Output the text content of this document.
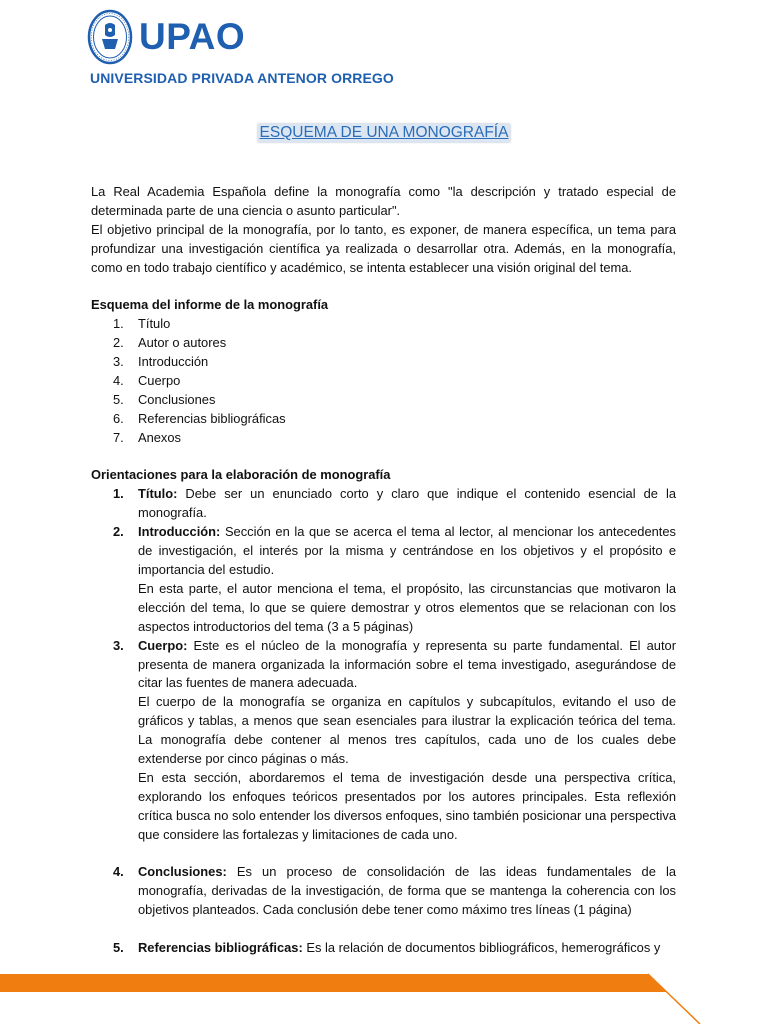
UPAO
UNIVERSIDAD PRIVADA ANTENOR ORREGO
ESQUEMA DE UNA MONOGRAFÍA

La Real Academia Española define la monografía como "la descripción y tratado especial de determinada parte de una ciencia o asunto particular".

El objetivo principal de la monografía, por lo tanto, es exponer, de manera específica, un tema para profundizar una investigación científica ya realizada o desarrollar otra. Además, en la monografía, como en todo trabajo científico y académico, se intenta establecer una visión original del tema.

Esquema del informe de la monografía

1. Título
2. Autor o autores
3. Introducción
4. Cuerpo
5. Conclusiones
6. Referencias bibliográficas
7. Anexos

Orientaciones para la elaboración de monografía

1. Título: Debe ser un enunciado corto y claro que indique el contenido esencial de la monografía.

2. Introducción: Sección en la que se acerca el tema al lector, al mencionar los antecedentes de investigación, el interés por la misma y centrándose en los objetivos y el propósito e importancia del estudio.

En esta parte, el autor menciona el tema, el propósito, las circunstancias que motivaron la elección del tema, lo que se quiere demostrar y otros elementos que se relacionan con los aspectos introductorios del tema (3 a 5 páginas)

3. Cuerpo: Este es el núcleo de la monografía y representa su parte fundamental. El autor presenta de manera organizada la información sobre el tema investigado, asegurándose de citar las fuentes de manera adecuada.

El cuerpo de la monografía se organiza en capítulos y subcapítulos, evitando el uso de gráficos y tablas, a menos que sean esenciales para ilustrar la explicación teórica del tema. La monografía debe contener al menos tres capítulos, cada uno de los cuales debe extenderse por cinco páginas o más.

En esta sección, abordaremos el tema de investigación desde una perspectiva crítica, explorando los enfoques teóricos presentados por los autores principales. Esta reflexión crítica busca no solo entender los diversos enfoques, sino también posicionar una perspectiva que considere las fortalezas y limitaciones de cada uno.

4. Conclusiones: Es un proceso de consolidación de las ideas fundamentales de la monografía, derivadas de la investigación, de forma que se mantenga la coherencia con los objetivos planteados. Cada conclusión debe tener como máximo tres líneas (1 página)

5. Referencias bibliográficas: Es la relación de documentos bibliográficos, hemerográficos y
